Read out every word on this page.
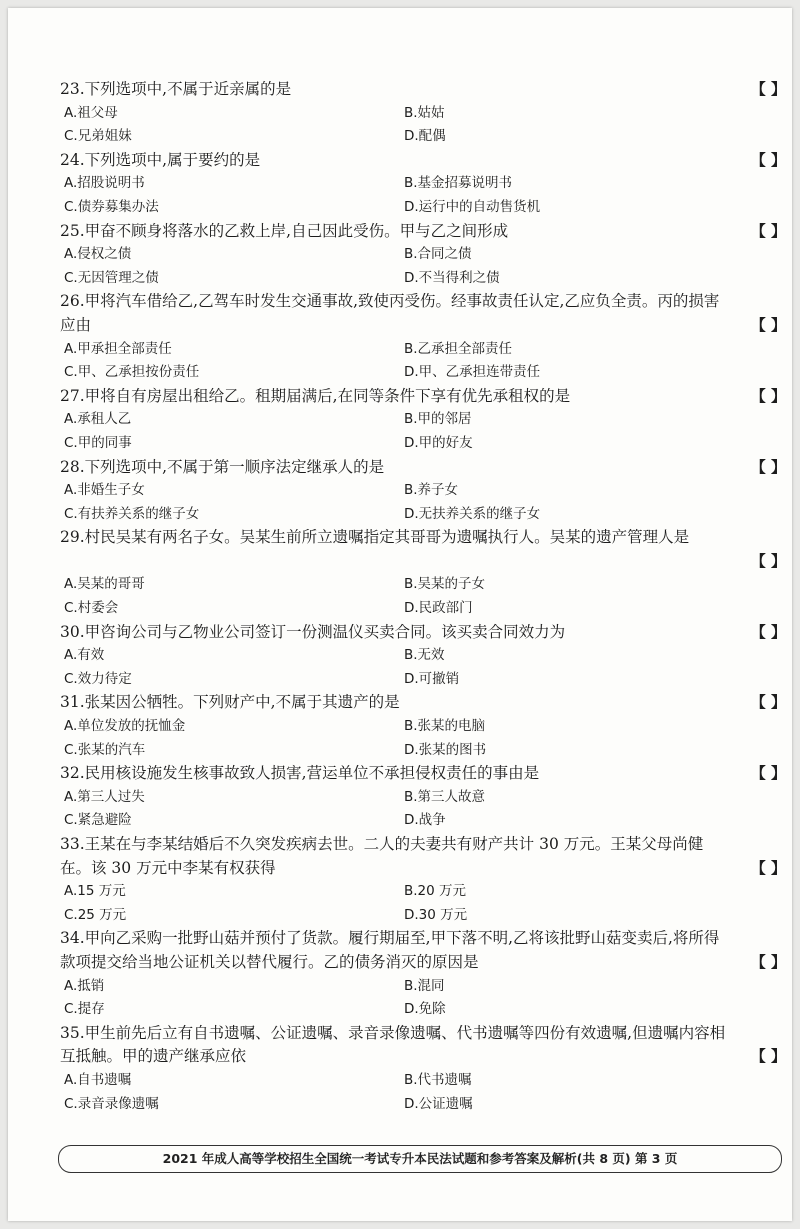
23.下列选项中,不属于近亲属的是	【 】
A.祖父母	B.姑姑
C.兄弟姐妹	D.配偶
24.下列选项中,属于要约的是	【 】
A.招股说明书	B.基金招募说明书
C.债券募集办法	D.运行中的自动售货机
25.甲奋不顾身将落水的乙救上岸,自己因此受伤。甲与乙之间形成	【 】
A.侵权之债	B.合同之债
C.无因管理之债	D.不当得利之债
26.甲将汽车借给乙,乙驾车时发生交通事故,致使丙受伤。经事故责任认定,乙应负全责。丙的损害应由	【 】
A.甲承担全部责任	B.乙承担全部责任
C.甲、乙承担按份责任	D.甲、乙承担连带责任
27.甲将自有房屋出租给乙。租期届满后,在同等条件下享有优先承租权的是	【 】
A.承租人乙	B.甲的邻居
C.甲的同事	D.甲的好友
28.下列选项中,不属于第一顺序法定继承人的是	【 】
A.非婚生子女	B.养子女
C.有扶养关系的继子女	D.无扶养关系的继子女
29.村民吴某有两名子女。吴某生前所立遗嘱指定其哥哥为遗嘱执行人。吴某的遗产管理人是
【 】
A.吴某的哥哥	B.吴某的子女
C.村委会	D.民政部门
30.甲咨询公司与乙物业公司签订一份测温仪买卖合同。该买卖合同效力为	【 】
A.有效	B.无效
C.效力待定	D.可撤销
31.张某因公牺牲。下列财产中,不属于其遗产的是	【 】
A.单位发放的抚恤金	B.张某的电脑
C.张某的汽车	D.张某的图书
32.民用核设施发生核事故致人损害,营运单位不承担侵权责任的事由是	【 】
A.第三人过失	B.第三人故意
C.紧急避险	D.战争
33.王某在与李某结婚后不久突发疾病去世。二人的夫妻共有财产共计 30 万元。王某父母尚健在。该 30 万元中李某有权获得	【 】
A.15 万元	B.20 万元
C.25 万元	D.30 万元
34.甲向乙采购一批野山菇并预付了货款。履行期届至,甲下落不明,乙将该批野山菇变卖后,将所得款项提交给当地公证机关以替代履行。乙的债务消灭的原因是	【 】
A.抵销	B.混同
C.提存	D.免除
35.甲生前先后立有自书遗嘱、公证遗嘱、录音录像遗嘱、代书遗嘱等四份有效遗嘱,但遗嘱内容相互抵触。甲的遗产继承应依	【 】
A.自书遗嘱	B.代书遗嘱
C.录音录像遗嘱	D.公证遗嘱
2021 年成人高等学校招生全国统一考试专升本民法试题和参考答案及解析(共 8 页) 第 3 页
